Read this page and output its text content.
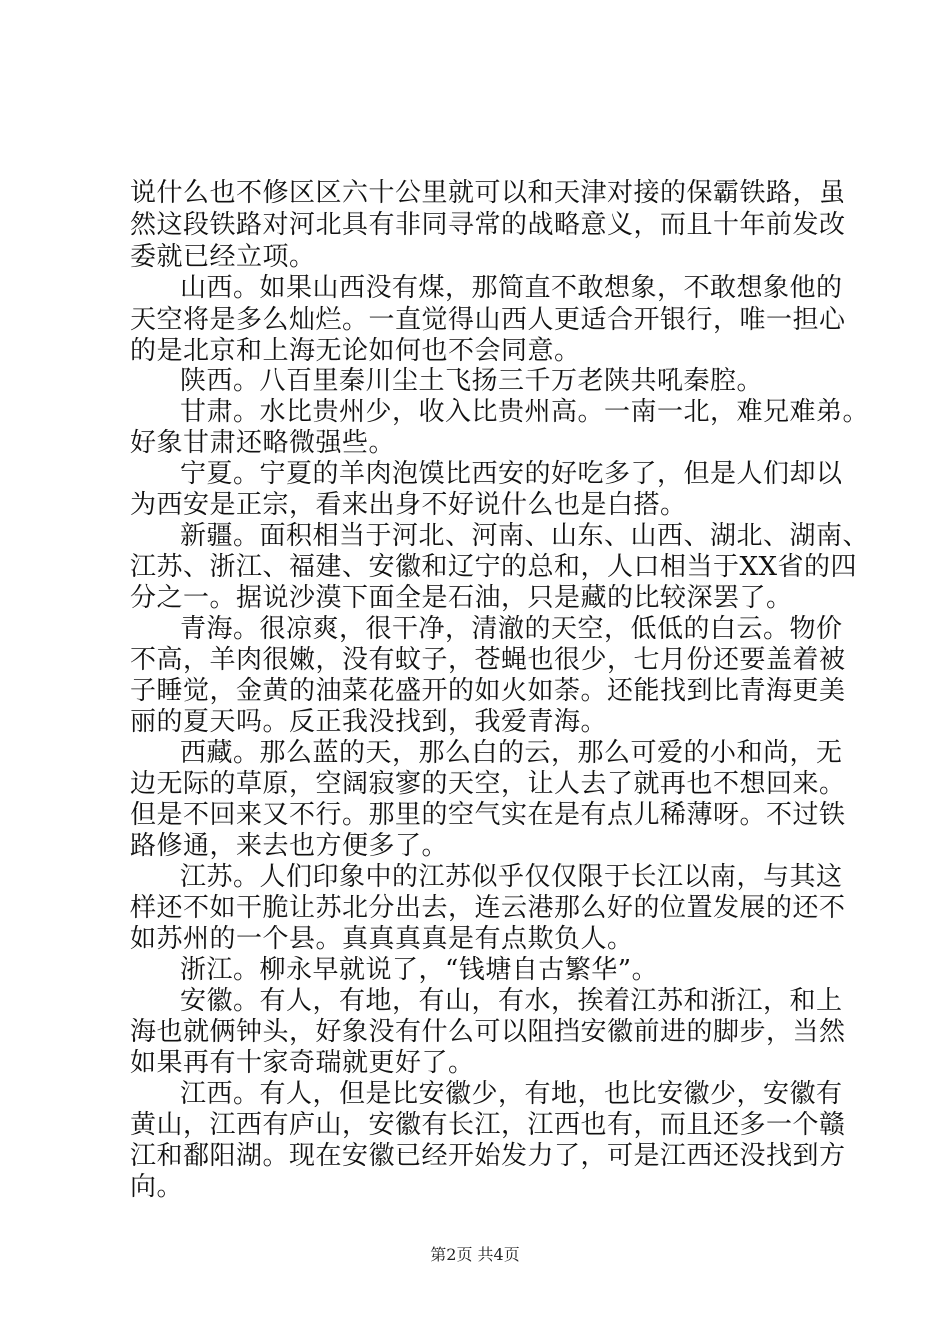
说什么也不修区区六十公里就可以和天津对接的保霸铁路，虽
然这段铁路对河北具有非同寻常的战略意义，而且十年前发改
委就已经立项。
山西。如果山西没有煤，那简直不敢想象，不敢想象他的
天空将是多么灿烂。一直觉得山西人更适合开银行，唯一担心
的是北京和上海无论如何也不会同意。
陕西。八百里秦川尘土飞扬三千万老陕共吼秦腔。
甘肃。水比贵州少，收入比贵州高。一南一北，难兄难弟。
好象甘肃还略微强些。
宁夏。宁夏的羊肉泡馍比西安的好吃多了，但是人们却以
为西安是正宗，看来出身不好说什么也是白搭。
新疆。面积相当于河北、河南、山东、山西、湖北、湖南、
江苏、浙江、福建、安徽和辽宁的总和，人口相当于XX省的四
分之一。据说沙漠下面全是石油，只是藏的比较深罢了。
青海。很凉爽，很干净，清澈的天空，低低的白云。物价
不高，羊肉很嫩，没有蚊子，苍蝇也很少，七月份还要盖着被
子睡觉，金黄的油菜花盛开的如火如荼。还能找到比青海更美
丽的夏天吗。反正我没找到，我爱青海。
西藏。那么蓝的天，那么白的云，那么可爱的小和尚，无
边无际的草原，空阔寂寥的天空，让人去了就再也不想回来。
但是不回来又不行。那里的空气实在是有点儿稀薄呀。不过铁
路修通，来去也方便多了。
江苏。人们印象中的江苏似乎仅仅限于长江以南，与其这
样还不如干脆让苏北分出去，连云港那么好的位置发展的还不
如苏州的一个县。真真真真是有点欺负人。
浙江。柳永早就说了，“钱塘自古繁华”。
安徽。有人，有地，有山，有水，挨着江苏和浙江，和上
海也就俩钟头，好象没有什么可以阻挡安徽前进的脚步，当然
如果再有十家奇瑞就更好了。
江西。有人，但是比安徽少，有地，也比安徽少，安徽有
黄山，江西有庐山，安徽有长江，江西也有，而且还多一个赣
江和鄱阳湖。现在安徽已经开始发力了，可是江西还没找到方
向。
第2页 共4页
